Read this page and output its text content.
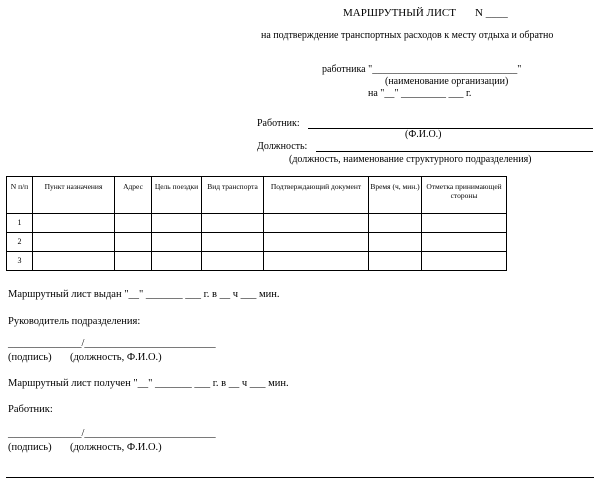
МАРШРУТНЫЙ ЛИСТ N ____
на подтверждение транспортных расходов к месту отдыха и обратно
работника "_____________________________"
(наименование организации)
на "__" _________ ___ г.
Работник:
(Ф.И.О.)
Должность:
(должность, наименование структурного подразделения)
N п/п	Пункт назначения	Адрес	Цель поездки	Вид транспорта	Подтверждающий документ	Время (ч, мин.)	Отметка принимающей стороны
1							
2							
3							
Маршрутный лист выдан "__" _______ ___ г. в __ ч ___ мин.
Руководитель подразделения:
______________/_________________________
(подпись)       (должность, Ф.И.О.)
Маршрутный лист получен "__" _______ ___ г. в __ ч ___ мин.
Работник:
______________/_________________________
(подпись)       (должность, Ф.И.О.)
